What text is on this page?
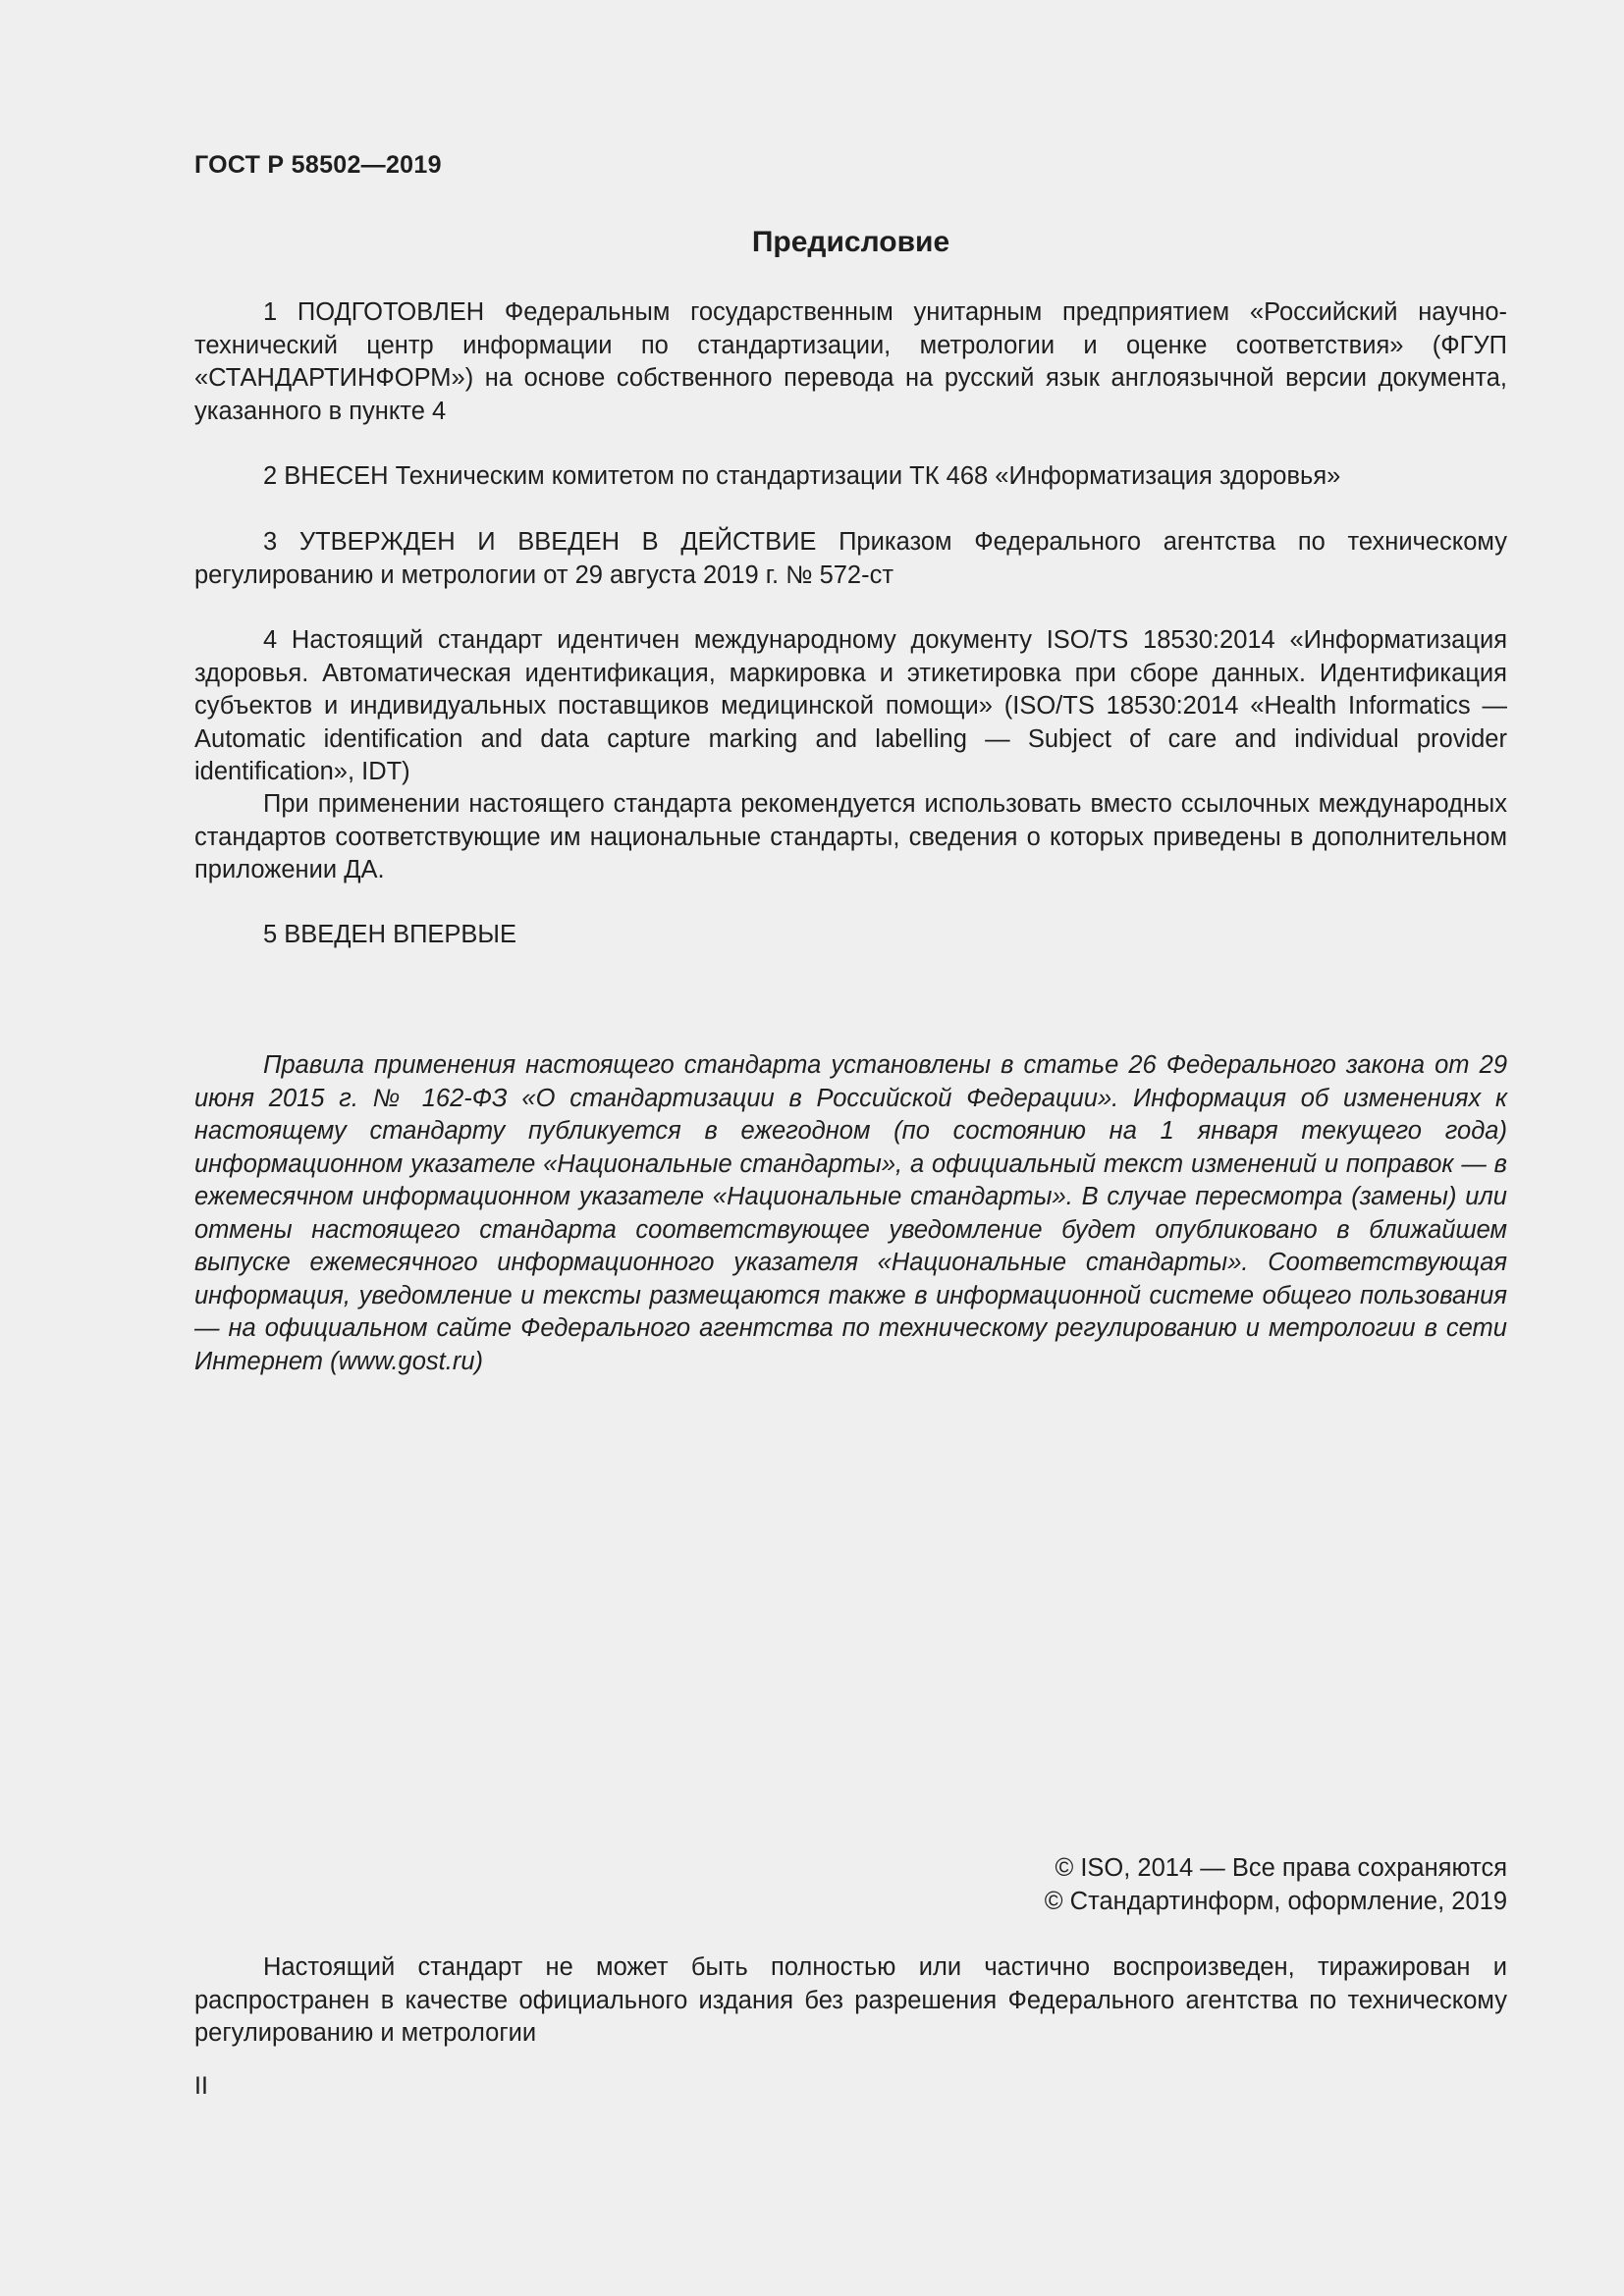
ГОСТ Р 58502—2019
Предисловие

1 ПОДГОТОВЛЕН Федеральным государственным унитарным предприятием «Российский научно-технический центр информации по стандартизации, метрологии и оценке соответствия» (ФГУП «СТАНДАРТИНФОРМ») на основе собственного перевода на русский язык англоязычной версии документа, указанного в пункте 4

2 ВНЕСЕН Техническим комитетом по стандартизации ТК 468 «Информатизация здоровья»

3 УТВЕРЖДЕН И ВВЕДЕН В ДЕЙСТВИЕ Приказом Федерального агентства по техническому регулированию и метрологии от 29 августа 2019 г. № 572-ст

4 Настоящий стандарт идентичен международному документу ISO/TS 18530:2014 «Информатизация здоровья. Автоматическая идентификация, маркировка и этикетировка при сборе данных. Идентификация субъектов и индивидуальных поставщиков медицинской помощи» (ISO/TS 18530:2014 «Health Informatics — Automatic identification and data capture marking and labelling — Subject of care and individual provider identification», IDT)

При применении настоящего стандарта рекомендуется использовать вместо ссылочных международных стандартов соответствующие им национальные стандарты, сведения о которых приведены в дополнительном приложении ДА.

5 ВВЕДЕН ВПЕРВЫЕ

Правила применения настоящего стандарта установлены в статье 26 Федерального закона от 29 июня 2015 г. № 162-ФЗ «О стандартизации в Российской Федерации». Информация об изменениях к настоящему стандарту публикуется в ежегодном (по состоянию на 1 января текущего года) информационном указателе «Национальные стандарты», а официальный текст изменений и поправок — в ежемесячном информационном указателе «Национальные стандарты». В случае пересмотра (замены) или отмены настоящего стандарта соответствующее уведомление будет опубликовано в ближайшем выпуске ежемесячного информационного указателя «Национальные стандарты». Соответствующая информация, уведомление и тексты размещаются также в информационной системе общего пользования — на официальном сайте Федерального агентства по техническому регулированию и метрологии в сети Интернет (www.gost.ru)

© ISO, 2014 — Все права сохраняются

© Стандартинформ, оформление, 2019

Настоящий стандарт не может быть полностью или частично воспроизведен, тиражирован и распространен в качестве официального издания без разрешения Федерального агентства по техническому регулированию и метрологии

II
